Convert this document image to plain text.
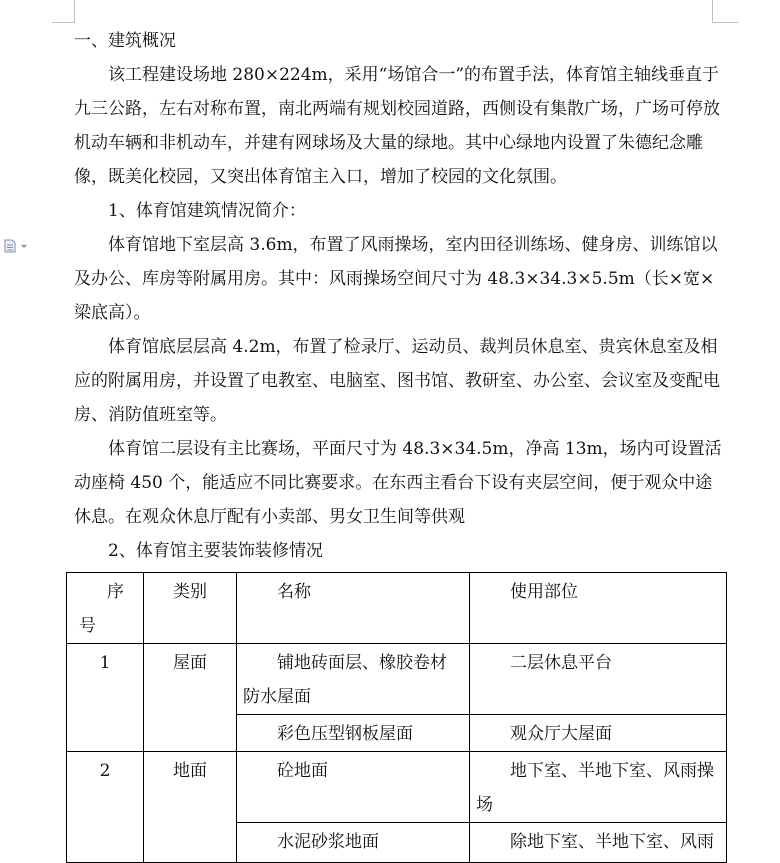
一、建筑概况

该工程建设场地 280×224m，采用“场馆合一”的布置手法，体育馆主轴线垂直于九三公路，左右对称布置，南北两端有规划校园道路，西侧设有集散广场，广场可停放机动车辆和非机动车，并建有网球场及大量的绿地。其中心绿地内设置了朱德纪念雕像，既美化校园，又突出体育馆主入口，增加了校园的文化氛围。

1、体育馆建筑情况简介：

体育馆地下室层高 3.6m，布置了风雨操场，室内田径训练场、健身房、训练馆以及办公、库房等附属用房。其中：风雨操场空间尺寸为 48.3×34.3×5.5m（长×宽×梁底高）。

体育馆底层层高 4.2m，布置了检录厅、运动员、裁判员休息室、贵宾休息室及相应的附属用房，并设置了电教室、电脑室、图书馆、教研室、办公室、会议室及变配电房、消防值班室等。

体育馆二层设有主比赛场，平面尺寸为 48.3×34.5m，净高 13m，场内可设置活动座椅 450 个，能适应不同比赛要求。在东西主看台下设有夹层空间，便于观众中途休息。在观众休息厅配有小卖部、男女卫生间等供观

2、体育馆主要装饰装修情况

序号	类别	名称	使用部位
1	屋面	铺地砖面层、橡胶卷材防水屋面	二层休息平台
		彩色压型钢板屋面	观众厅大屋面
2	地面	砼地面	地下室、半地下室、风雨操场
		水泥砂浆地面	除地下室、半地下室、风雨
